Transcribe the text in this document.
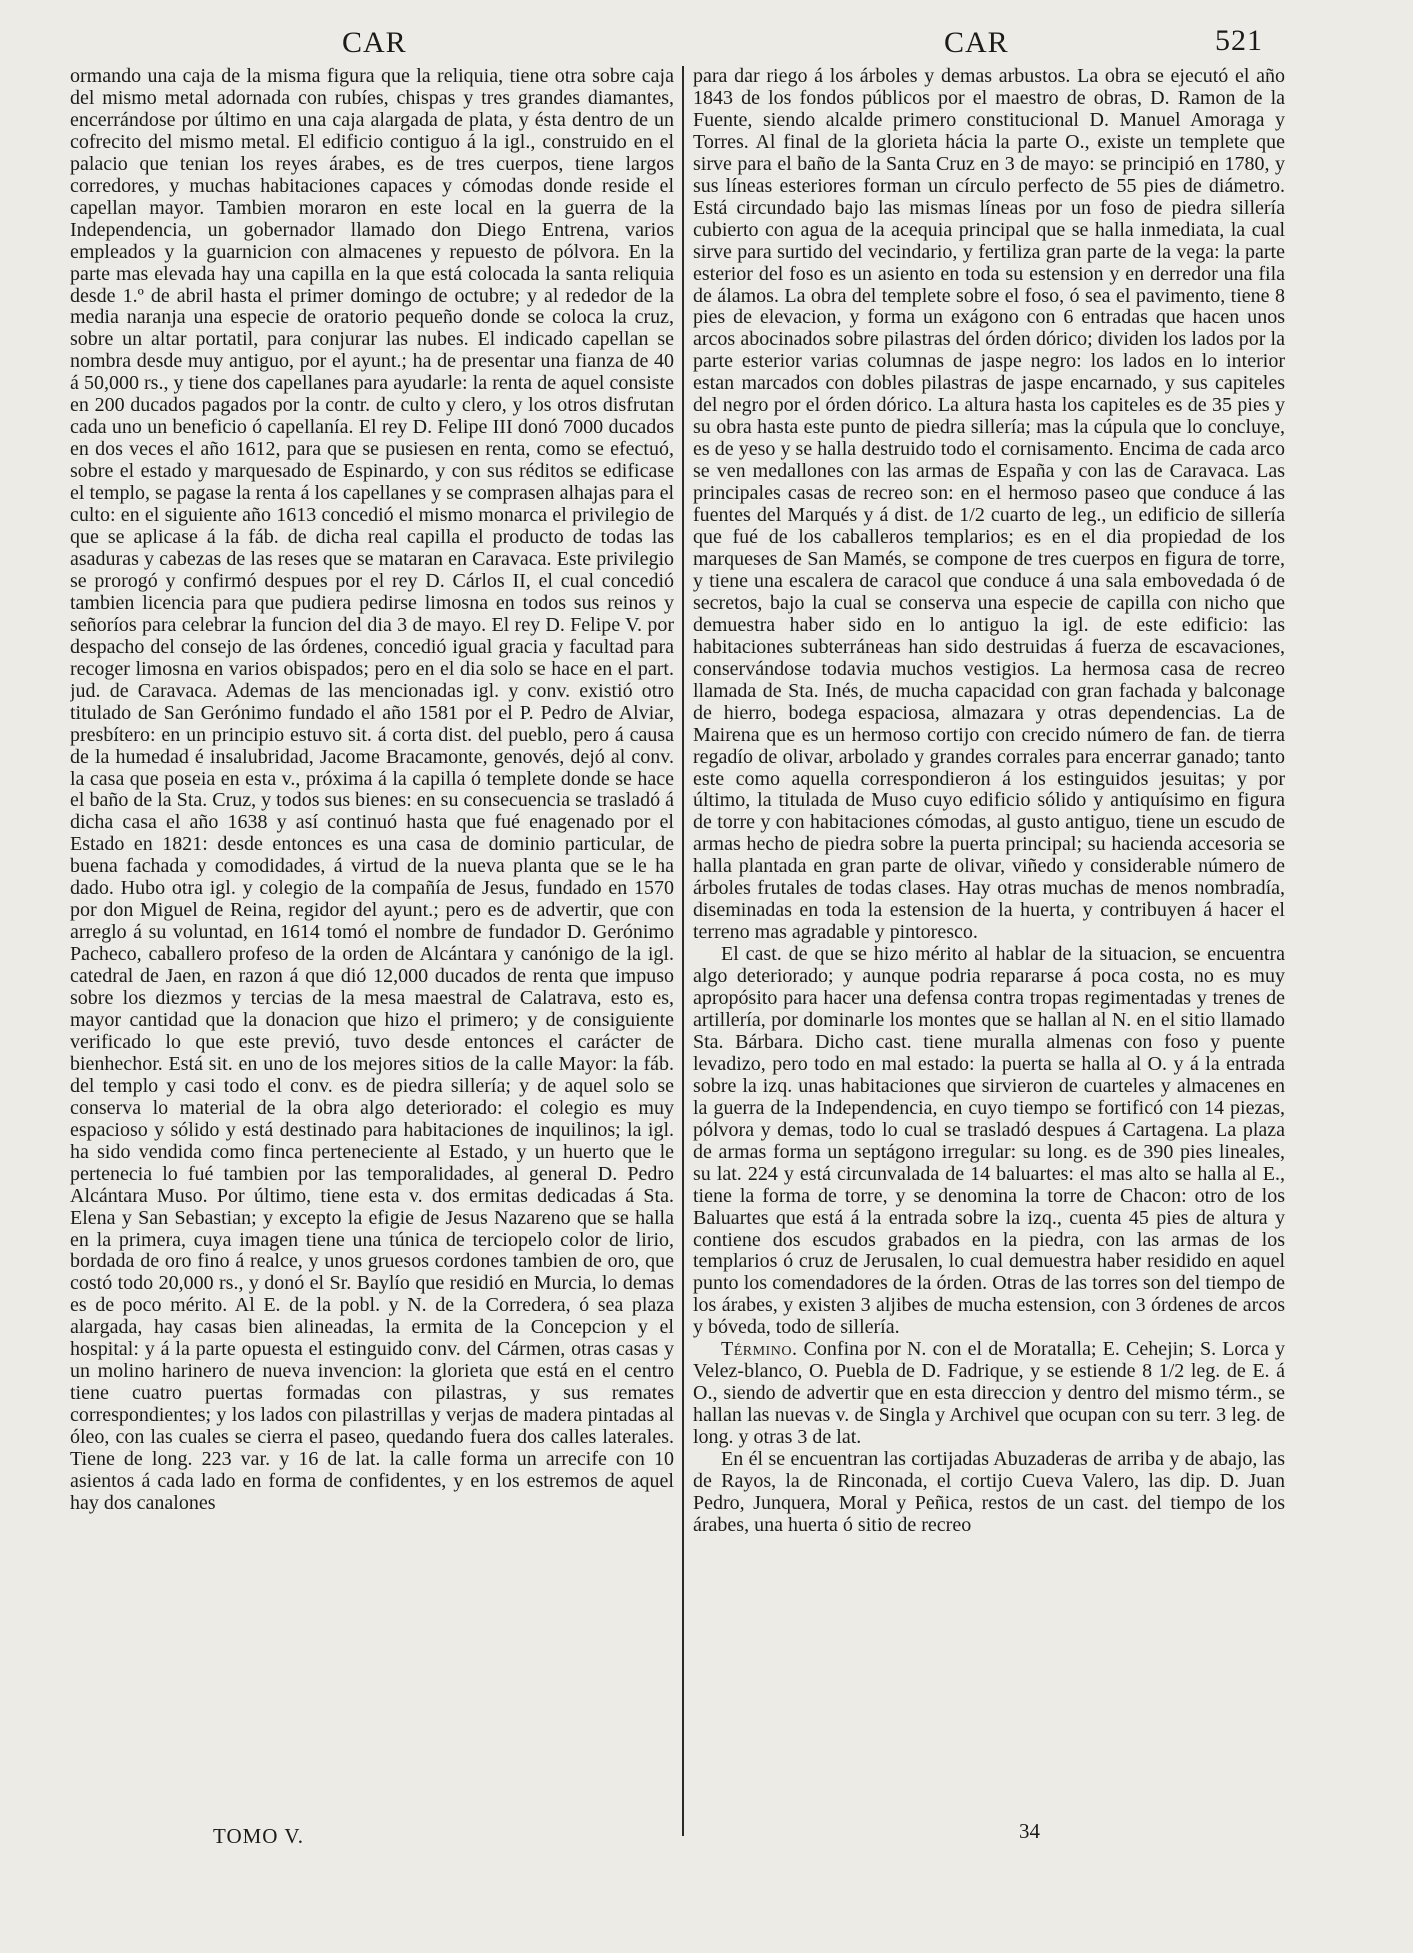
CAR	CAR	521

ormando una caja de la misma figura que la reliquia, tiene otra sobre caja del mismo metal adornada con rubíes, chispas y tres grandes diamantes, encerrándose por último en una caja alargada de plata, y ésta dentro de un cofrecito del mismo metal. El edificio contiguo á la igl., construido en el palacio que tenian los reyes árabes, es de tres cuerpos, tiene largos corredores, y muchas habitaciones capaces y cómodas donde reside el capellan mayor. Tambien moraron en este local en la guerra de la Independencia, un gobernador llamado don Diego Entrena, varios empleados y la guarnicion con almacenes y repuesto de pólvora. En la parte mas elevada hay una capilla en la que está colocada la santa reliquia desde 1.º de abril hasta el primer domingo de octubre; y al rededor de la media naranja una especie de oratorio pequeño donde se coloca la cruz, sobre un altar portatil, para conjurar las nubes. El indicado capellan se nombra desde muy antiguo, por el ayunt.; ha de presentar una fianza de 40 á 50,000 rs., y tiene dos capellanes para ayudarle: la renta de aquel consiste en 200 ducados pagados por la contr. de culto y clero, y los otros disfrutan cada uno un beneficio ó capellanía. El rey D. Felipe III donó 7000 ducados en dos veces el año 1612, para que se pusiesen en renta, como se efectuó, sobre el estado y marquesado de Espinardo, y con sus réditos se edificase el templo, se pagase la renta á los capellanes y se comprasen alhajas para el culto: en el siguiente año 1613 concedió el mismo monarca el privilegio de que se aplicase á la fáb. de dicha real capilla el producto de todas las asaduras y cabezas de las reses que se mataran en Caravaca. Este privilegio se prorogó y confirmó despues por el rey D. Cárlos II, el cual concedió tambien licencia para que pudiera pedirse limosna en todos sus reinos y señoríos para celebrar la funcion del dia 3 de mayo. El rey D. Felipe V. por despacho del consejo de las órdenes, concedió igual gracia y facultad para recoger limosna en varios obispados; pero en el dia solo se hace en el part. jud. de Caravaca. Ademas de las mencionadas igl. y conv. existió otro titulado de San Gerónimo fundado el año 1581 por el P. Pedro de Alviar, presbítero: en un principio estuvo sit. á corta dist. del pueblo, pero á causa de la humedad é insalubridad, Jacome Bracamonte, genovés, dejó al conv. la casa que poseia en esta v., próxima á la capilla ó templete donde se hace el baño de la Sta. Cruz, y todos sus bienes: en su consecuencia se trasladó á dicha casa el año 1638 y así continuó hasta que fué enagenado por el Estado en 1821: desde entonces es una casa de dominio particular, de buena fachada y comodidades, á virtud de la nueva planta que se le ha dado. Hubo otra igl. y colegio de la compañía de Jesus, fundado en 1570 por don Miguel de Reina, regidor del ayunt.; pero es de advertir, que con arreglo á su voluntad, en 1614 tomó el nombre de fundador D. Gerónimo Pacheco, caballero profeso de la orden de Alcántara y canónigo de la igl. catedral de Jaen, en razon á que dió 12,000 ducados de renta que impuso sobre los diezmos y tercias de la mesa maestral de Calatrava, esto es, mayor cantidad que la donacion que hizo el primero; y de consiguiente verificado lo que este previó, tuvo desde entonces el carácter de bienhechor. Está sit. en uno de los mejores sitios de la calle Mayor: la fáb. del templo y casi todo el conv. es de piedra sillería; y de aquel solo se conserva lo material de la obra algo deteriorado: el colegio es muy espacioso y sólido y está destinado para habitaciones de inquilinos; la igl. ha sido vendida como finca perteneciente al Estado, y un huerto que le pertenecia lo fué tambien por las temporalidades, al general D. Pedro Alcántara Muso. Por último, tiene esta v. dos ermitas dedicadas á Sta. Elena y San Sebastian; y excepto la efigie de Jesus Nazareno que se halla en la primera, cuya imagen tiene una túnica de terciopelo color de lirio, bordada de oro fino á realce, y unos gruesos cordones tambien de oro, que costó todo 20,000 rs., y donó el Sr. Baylío que residió en Murcia, lo demas es de poco mérito. Al E. de la pobl. y N. de la Corredera, ó sea plaza alargada, hay casas bien alineadas, la ermita de la Concepcion y el hospital: y á la parte opuesta el estinguido conv. del Cármen, otras casas y un molino harinero de nueva invencion: la glorieta que está en el centro tiene cuatro puertas formadas con pilastras, y sus remates correspondientes; y los lados con pilastrillas y verjas de madera pintadas al óleo, con las cuales se cierra el paseo, quedando fuera dos calles laterales. Tiene de long. 223 var. y 16 de lat. la calle forma un arrecife con 10 asientos á cada lado en forma de confidentes, y en los estremos de aquel hay dos canalones

para dar riego á los árboles y demas arbustos. La obra se ejecutó el año 1843 de los fondos públicos por el maestro de obras, D. Ramon de la Fuente, siendo alcalde primero constitucional D. Manuel Amoraga y Torres. Al final de la glorieta hácia la parte O., existe un templete que sirve para el baño de la Santa Cruz en 3 de mayo: se principió en 1780, y sus líneas esteriores forman un círculo perfecto de 55 pies de diámetro. Está circundado bajo las mismas líneas por un foso de piedra sillería cubierto con agua de la acequia principal que se halla inmediata, la cual sirve para surtido del vecindario, y fertiliza gran parte de la vega: la parte esterior del foso es un asiento en toda su estension y en derredor una fila de álamos. La obra del templete sobre el foso, ó sea el pavimento, tiene 8 pies de elevacion, y forma un exágono con 6 entradas que hacen unos arcos abocinados sobre pilastras del órden dórico; dividen los lados por la parte esterior varias columnas de jaspe negro: los lados en lo interior estan marcados con dobles pilastras de jaspe encarnado, y sus capiteles del negro por el órden dórico. La altura hasta los capiteles es de 35 pies y su obra hasta este punto de piedra sillería; mas la cúpula que lo concluye, es de yeso y se halla destruido todo el cornisamento. Encima de cada arco se ven medallones con las armas de España y con las de Caravaca. Las principales casas de recreo son: en el hermoso paseo que conduce á las fuentes del Marqués y á dist. de 1/2 cuarto de leg., un edificio de sillería que fué de los caballeros templarios; es en el dia propiedad de los marqueses de San Mamés, se compone de tres cuerpos en figura de torre, y tiene una escalera de caracol que conduce á una sala embovedada ó de secretos, bajo la cual se conserva una especie de capilla con nicho que demuestra haber sido en lo antiguo la igl. de este edificio: las habitaciones subterráneas han sido destruidas á fuerza de escavaciones, conservándose todavia muchos vestigios. La hermosa casa de recreo llamada de Sta. Inés, de mucha capacidad con gran fachada y balconage de hierro, bodega espaciosa, almazara y otras dependencias. La de Mairena que es un hermoso cortijo con crecido número de fan. de tierra regadío de olivar, arbolado y grandes corrales para encerrar ganado; tanto este como aquella correspondieron á los estinguidos jesuitas; y por último, la titulada de Muso cuyo edificio sólido y antiquísimo en figura de torre y con habitaciones cómodas, al gusto antiguo, tiene un escudo de armas hecho de piedra sobre la puerta principal; su hacienda accesoria se halla plantada en gran parte de olivar, viñedo y considerable número de árboles frutales de todas clases. Hay otras muchas de menos nombradía, diseminadas en toda la estension de la huerta, y contribuyen á hacer el terreno mas agradable y pintoresco.

El cast. de que se hizo mérito al hablar de la situacion, se encuentra algo deteriorado; y aunque podria repararse á poca costa, no es muy apropósito para hacer una defensa contra tropas regimentadas y trenes de artillería, por dominarle los montes que se hallan al N. en el sitio llamado Sta. Bárbara. Dicho cast. tiene muralla almenas con foso y puente levadizo, pero todo en mal estado: la puerta se halla al O. y á la entrada sobre la izq. unas habitaciones que sirvieron de cuarteles y almacenes en la guerra de la Independencia, en cuyo tiempo se fortificó con 14 piezas, pólvora y demas, todo lo cual se trasladó despues á Cartagena. La plaza de armas forma un septágono irregular: su long. es de 390 pies lineales, su lat. 224 y está circunvalada de 14 baluartes: el mas alto se halla al E., tiene la forma de torre, y se denomina la torre de Chacon: otro de los Baluartes que está á la entrada sobre la izq., cuenta 45 pies de altura y contiene dos escudos grabados en la piedra, con las armas de los templarios ó cruz de Jerusalen, lo cual demuestra haber residido en aquel punto los comendadores de la órden. Otras de las torres son del tiempo de los árabes, y existen 3 aljibes de mucha estension, con 3 órdenes de arcos y bóveda, todo de sillería.

Término. Confina por N. con el de Moratalla; E. Cehejin; S. Lorca y Velez-blanco, O. Puebla de D. Fadrique, y se estiende 8 1/2 leg. de E. á O., siendo de advertir que en esta direccion y dentro del mismo térm., se hallan las nuevas v. de Singla y Archivel que ocupan con su terr. 3 leg. de long. y otras 3 de lat.

En él se encuentran las cortijadas Abuzaderas de arriba y de abajo, las de Rayos, la de Rinconada, el cortijo Cueva Valero, las dip. D. Juan Pedro, Junquera, Moral y Peñica, restos de un cast. del tiempo de los árabes, una huerta ó sitio de recreo

TOMO V.	34
